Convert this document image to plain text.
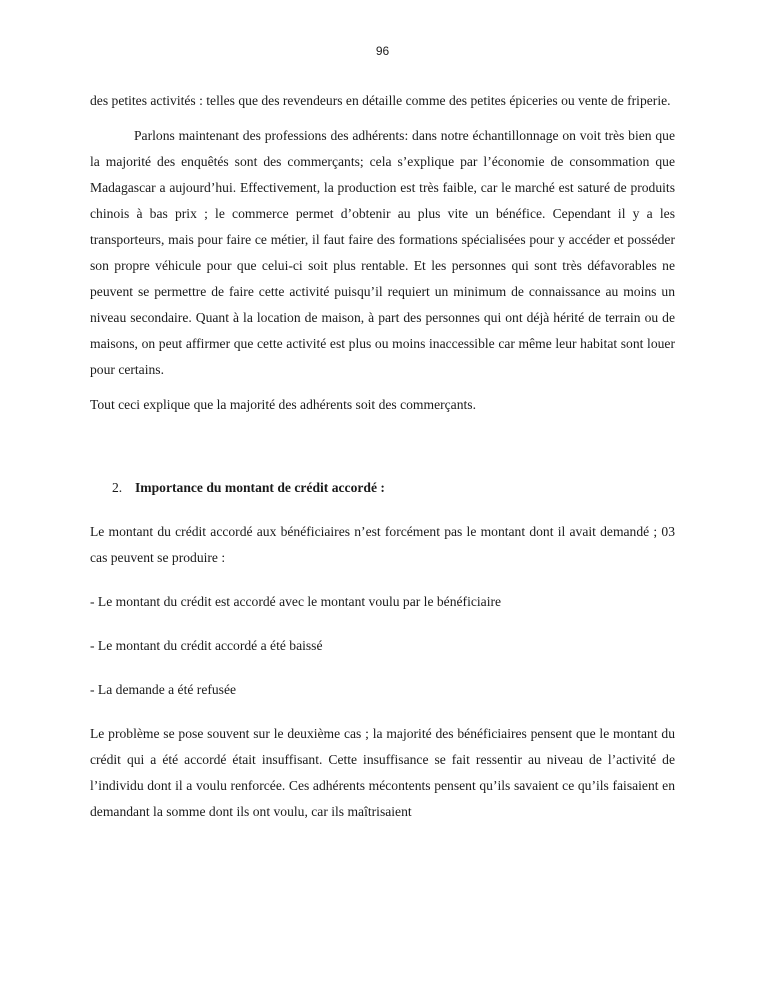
96

des petites activités : telles que des revendeurs en détaille comme des petites épiceries ou vente de friperie.

Parlons maintenant des professions des adhérents: dans notre échantillonnage on voit très bien que la majorité des enquêtés sont des commerçants; cela s’explique par l’économie de consommation que Madagascar a aujourd’hui. Effectivement, la production est très faible, car le marché est saturé de produits chinois à bas prix ; le commerce permet d’obtenir au plus vite un bénéfice. Cependant il y a les transporteurs, mais pour faire ce métier, il faut faire des formations spécialisées pour y accéder et posséder son propre véhicule pour que celui-ci soit plus rentable. Et les personnes qui sont très défavorables ne peuvent se permettre de faire cette activité puisqu’il requiert un minimum de connaissance au moins un niveau secondaire. Quant à la location de maison, à part des personnes qui ont déjà hérité de terrain ou de maisons, on peut affirmer que cette activité est plus ou moins inaccessible car même leur habitat sont louer pour certains.

Tout ceci explique que la majorité des adhérents soit des commerçants.

2. Importance du montant de crédit accordé :

Le montant du crédit accordé aux bénéficiaires n’est forcément pas le montant dont il avait demandé ; 03 cas peuvent se produire :

- Le montant du crédit est accordé avec le montant voulu par le bénéficiaire

- Le montant du crédit accordé a été baissé

- La demande a été refusée

Le problème se pose souvent sur le deuxième cas ; la majorité des bénéficiaires pensent que le montant du crédit qui a été accordé était insuffisant. Cette insuffisance se fait ressentir au niveau de l’activité de l’individu dont il a voulu renforcée. Ces adhérents mécontents pensent qu’ils savaient ce qu’ils faisaient en demandant la somme dont ils ont voulu, car ils maîtrisaient
